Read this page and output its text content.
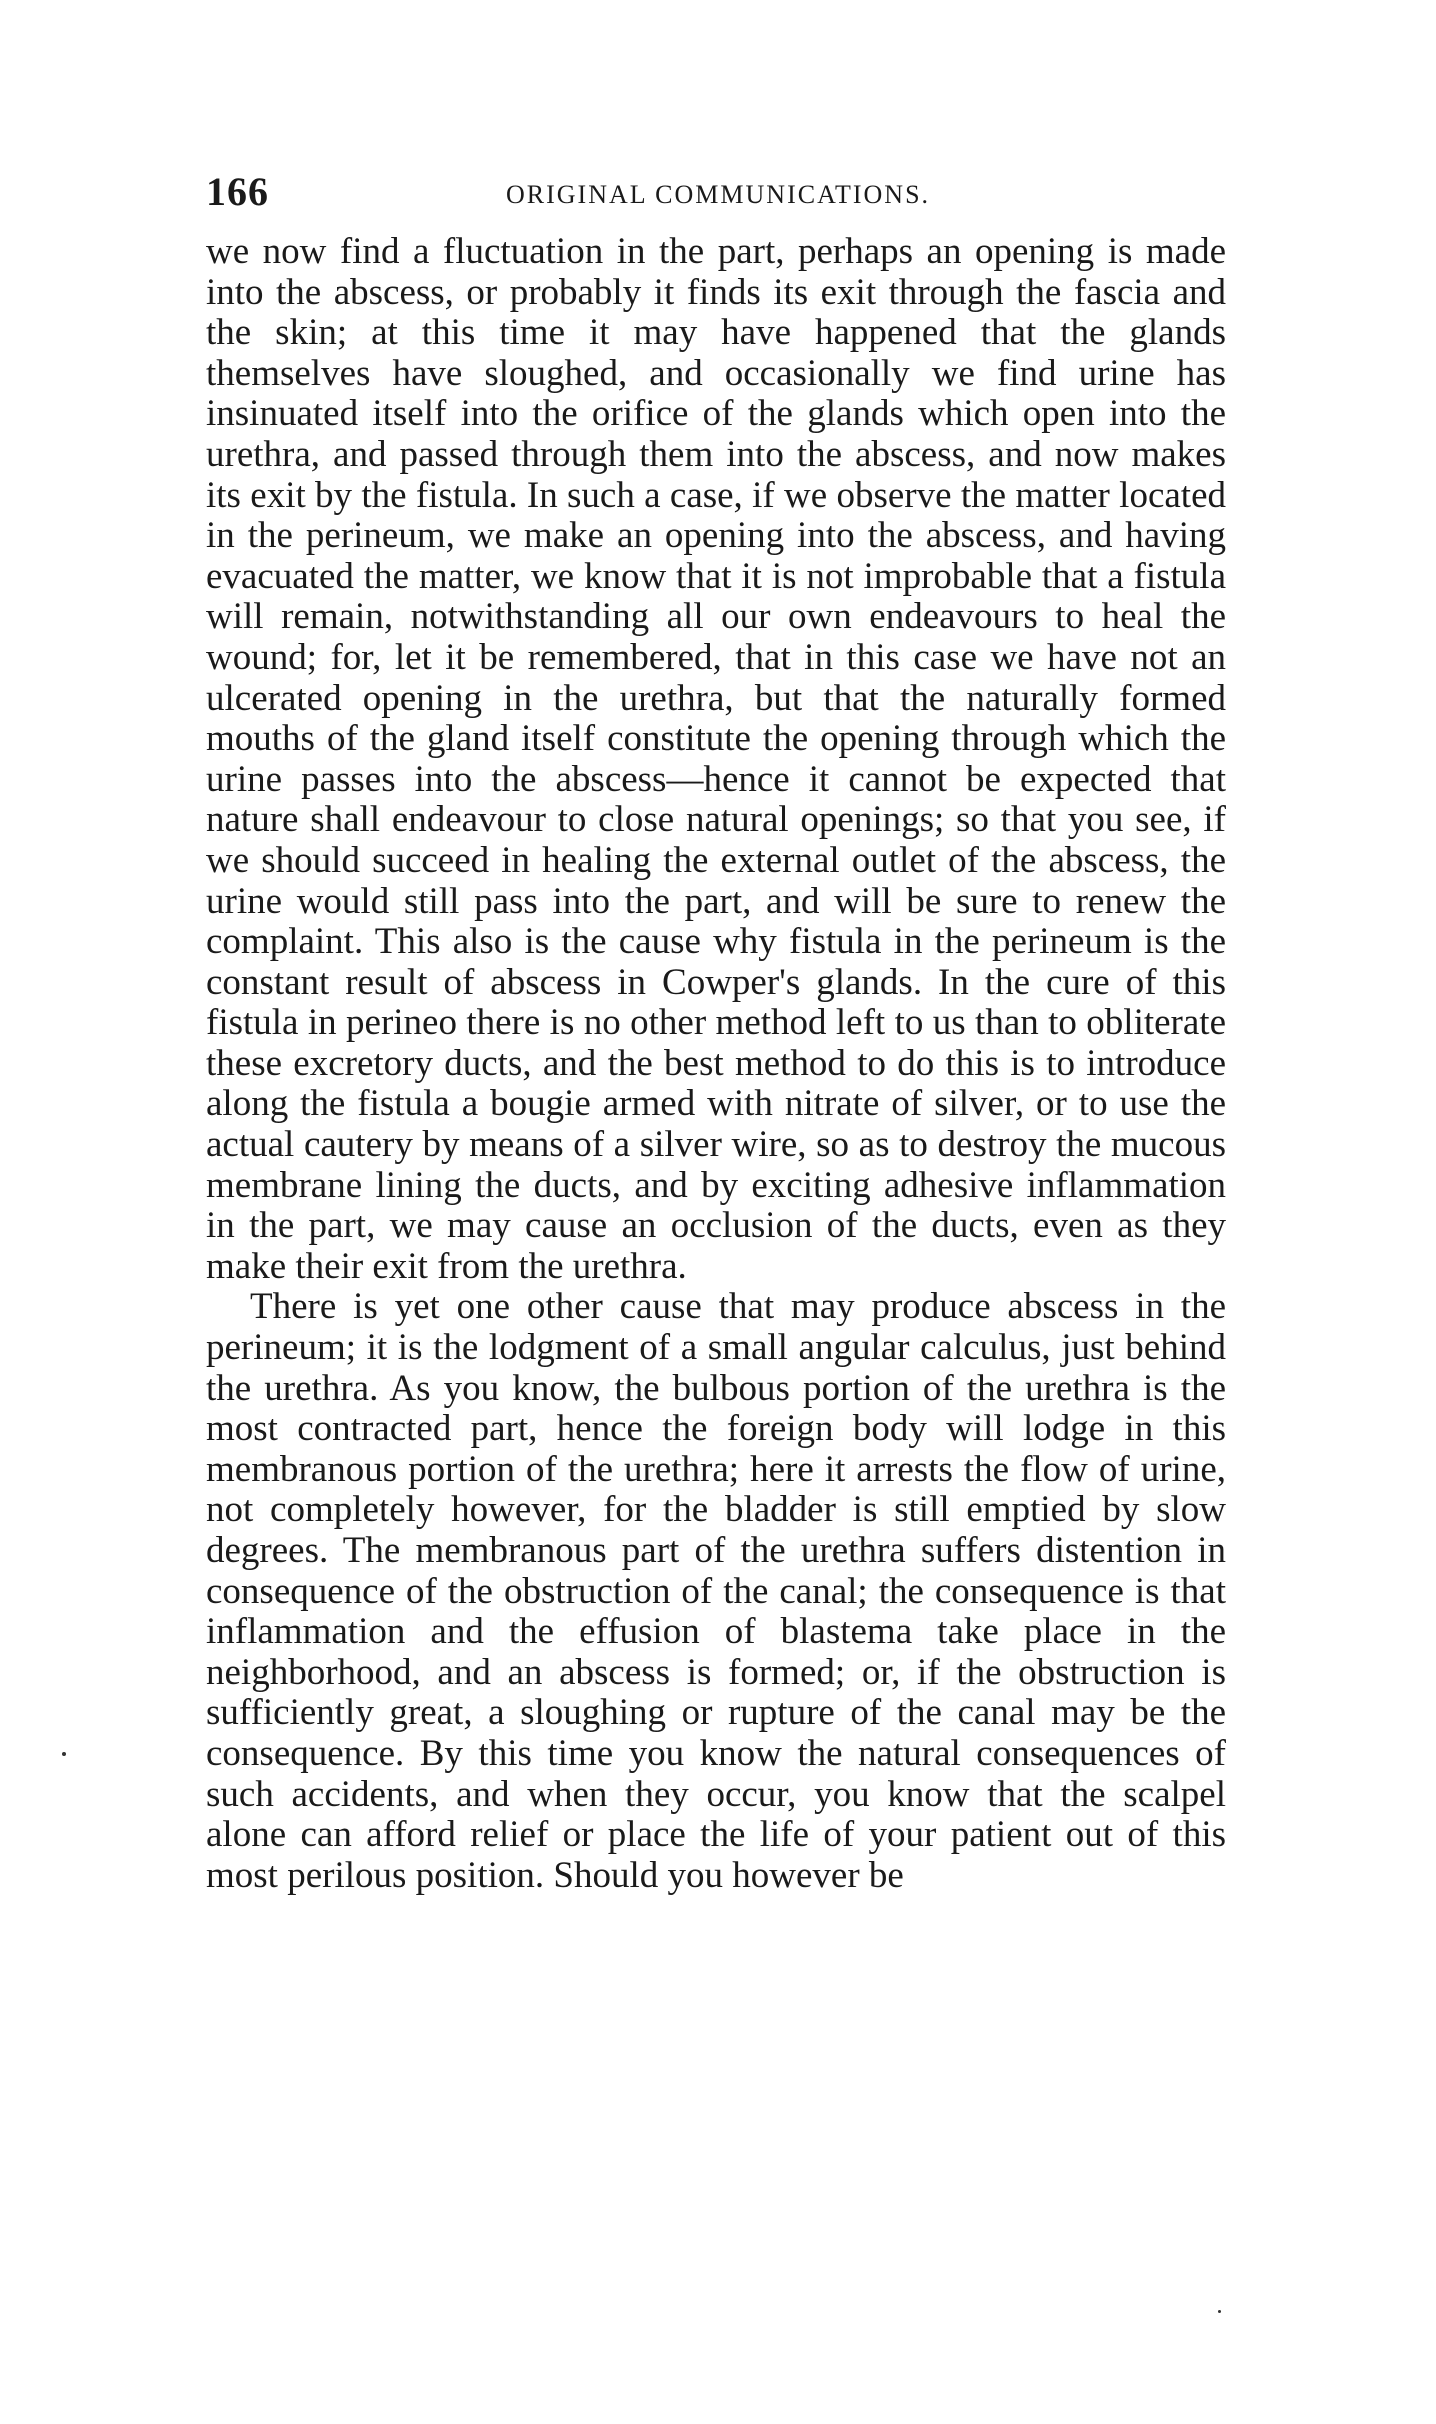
166	ORIGINAL COMMUNICATIONS.

we now find a fluctuation in the part, perhaps an opening is made into the abscess, or probably it finds its exit through the fascia and the skin; at this time it may have happened that the glands themselves have sloughed, and occasionally we find urine has insinuated itself into the orifice of the glands which open into the urethra, and passed through them into the abscess, and now makes its exit by the fistula. In such a case, if we observe the matter located in the perineum, we make an opening into the abscess, and having evacuated the matter, we know that it is not improbable that a fistula will remain, notwithstanding all our own endeavours to heal the wound; for, let it be remembered, that in this case we have not an ulcerated opening in the urethra, but that the naturally formed mouths of the gland itself constitute the opening through which the urine passes into the abscess—hence it cannot be expected that nature shall endeavour to close natural openings; so that you see, if we should succeed in healing the external outlet of the abscess, the urine would still pass into the part, and will be sure to renew the complaint. This also is the cause why fistula in the perineum is the constant result of abscess in Cowper's glands. In the cure of this fistula in perineo there is no other method left to us than to obliterate these excretory ducts, and the best method to do this is to introduce along the fistula a bougie armed with nitrate of silver, or to use the actual cautery by means of a silver wire, so as to destroy the mucous membrane lining the ducts, and by exciting adhesive inflammation in the part, we may cause an occlusion of the ducts, even as they make their exit from the urethra.

There is yet one other cause that may produce abscess in the perineum; it is the lodgment of a small angular calculus, just behind the urethra. As you know, the bulbous portion of the urethra is the most contracted part, hence the foreign body will lodge in this membranous portion of the urethra; here it arrests the flow of urine, not completely however, for the bladder is still emptied by slow degrees. The membranous part of the urethra suffers distention in consequence of the obstruction of the canal; the consequence is that inflammation and the effusion of blastema take place in the neighborhood, and an abscess is formed; or, if the obstruction is sufficiently great, a sloughing or rupture of the canal may be the consequence. By this time you know the natural consequences of such accidents, and when they occur, you know that the scalpel alone can afford relief or place the life of your patient out of this most perilous position. Should you however be
